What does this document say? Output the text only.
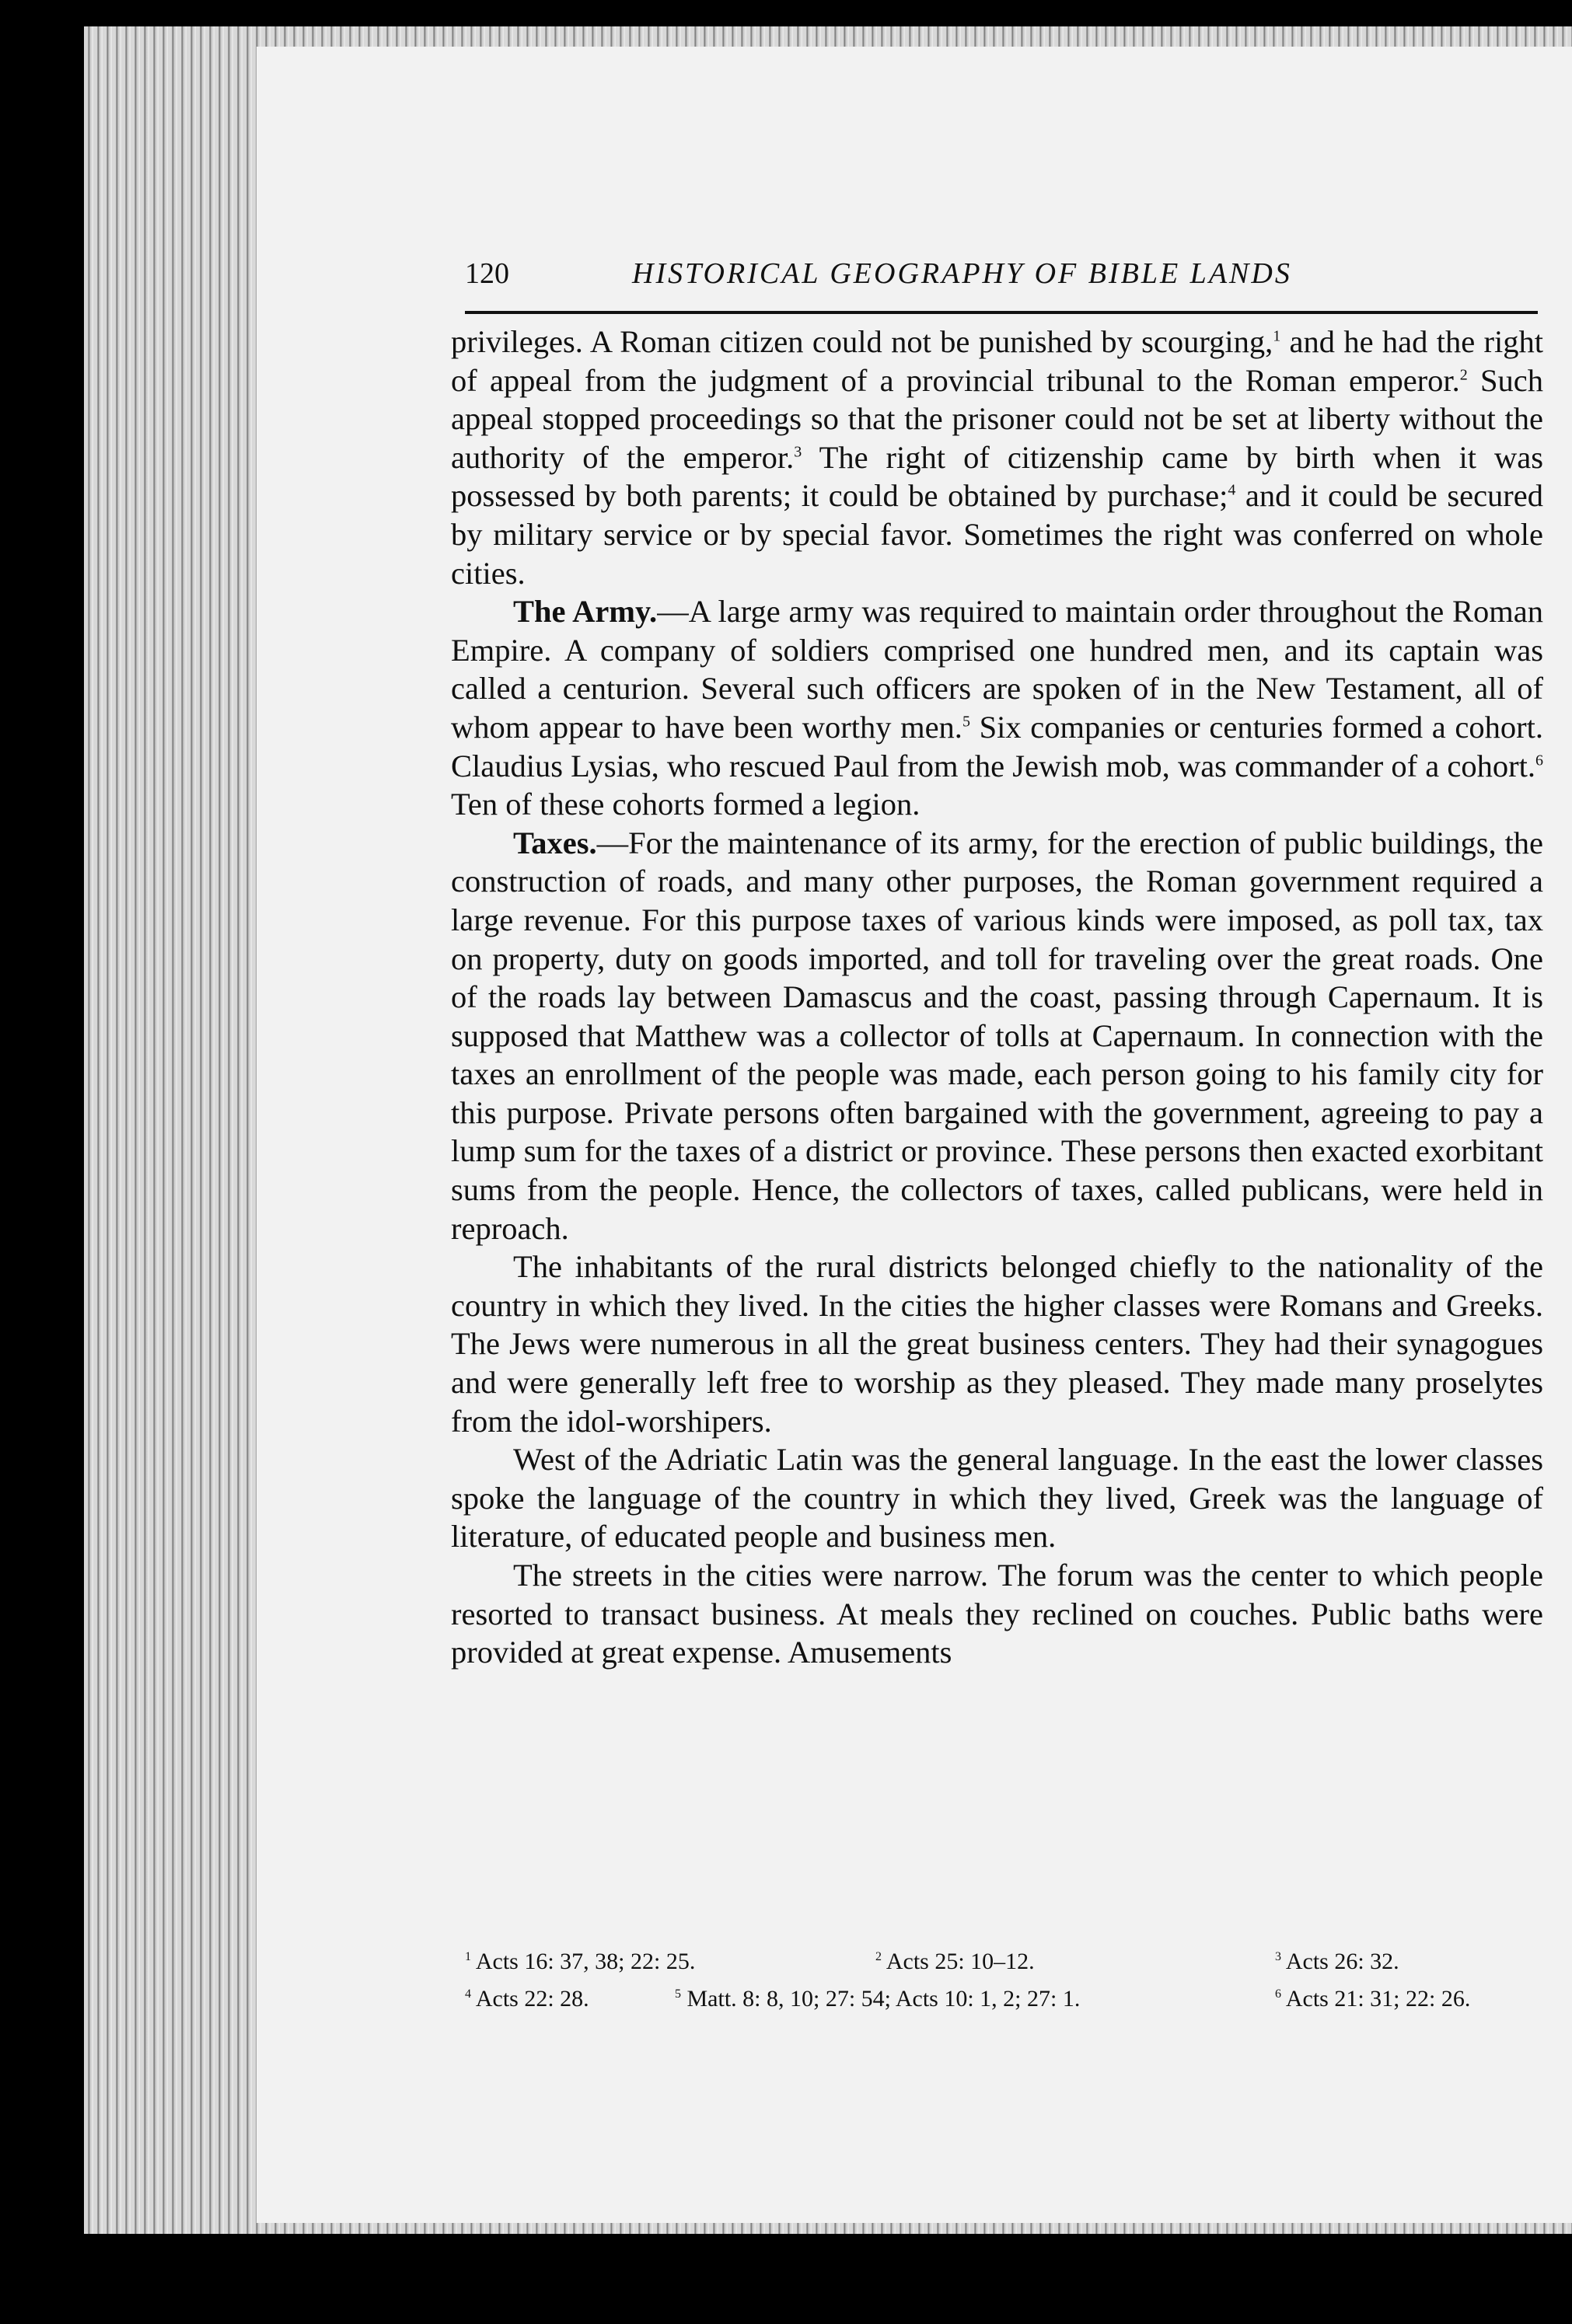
120	HISTORICAL GEOGRAPHY OF BIBLE LANDS

privileges. A Roman citizen could not be punished by scourging,$^1$ and he had the right of appeal from the judgment of a provincial tribunal to the Roman emperor.$^2$ Such appeal stopped proceedings so that the prisoner could not be set at liberty without the authority of the emperor.$^3$ The right of citizenship came by birth when it was possessed by both parents; it could be obtained by purchase;$^4$ and it could be secured by military service or by special favor. Sometimes the right was conferred on whole cities.

The Army.—A large army was required to maintain order throughout the Roman Empire. A company of soldiers comprised one hundred men, and its captain was called a centurion. Several such officers are spoken of in the New Testament, all of whom appear to have been worthy men.$^5$ Six companies or centuries formed a cohort. Claudius Lysias, who rescued Paul from the Jewish mob, was commander of a cohort.$^6$ Ten of these cohorts formed a legion.

Taxes.—For the maintenance of its army, for the erection of public buildings, the construction of roads, and many other purposes, the Roman government required a large revenue. For this purpose taxes of various kinds were imposed, as poll tax, tax on property, duty on goods imported, and toll for traveling over the great roads. One of the roads lay between Damascus and the coast, passing through Capernaum. It is supposed that Matthew was a collector of tolls at Capernaum. In connection with the taxes an enrollment of the people was made, each person going to his family city for this purpose. Private persons often bargained with the government, agreeing to pay a lump sum for the taxes of a district or province. These persons then exacted exorbitant sums from the people. Hence, the collectors of taxes, called publicans, were held in reproach.

The inhabitants of the rural districts belonged chiefly to the nationality of the country in which they lived. In the cities the higher classes were Romans and Greeks. The Jews were numerous in all the great business centers. They had their synagogues and were generally left free to worship as they pleased. They made many proselytes from the idol-worshipers.

West of the Adriatic Latin was the general language. In the east the lower classes spoke the language of the country in which they lived, Greek was the language of literature, of educated people and business men.

The streets in the cities were narrow. The forum was the center to which people resorted to transact business. At meals they reclined on couches. Public baths were provided at great expense. Amusements

$^1$ Acts 16: 37, 38; 22: 25.	$^2$ Acts 25: 10–12.	$^3$ Acts 26: 32.
$^4$ Acts 22: 28.	$^5$ Matt. 8: 8, 10; 27: 54; Acts 10: 1, 2; 27: 1.	$^6$ Acts 21: 31; 22: 26.
